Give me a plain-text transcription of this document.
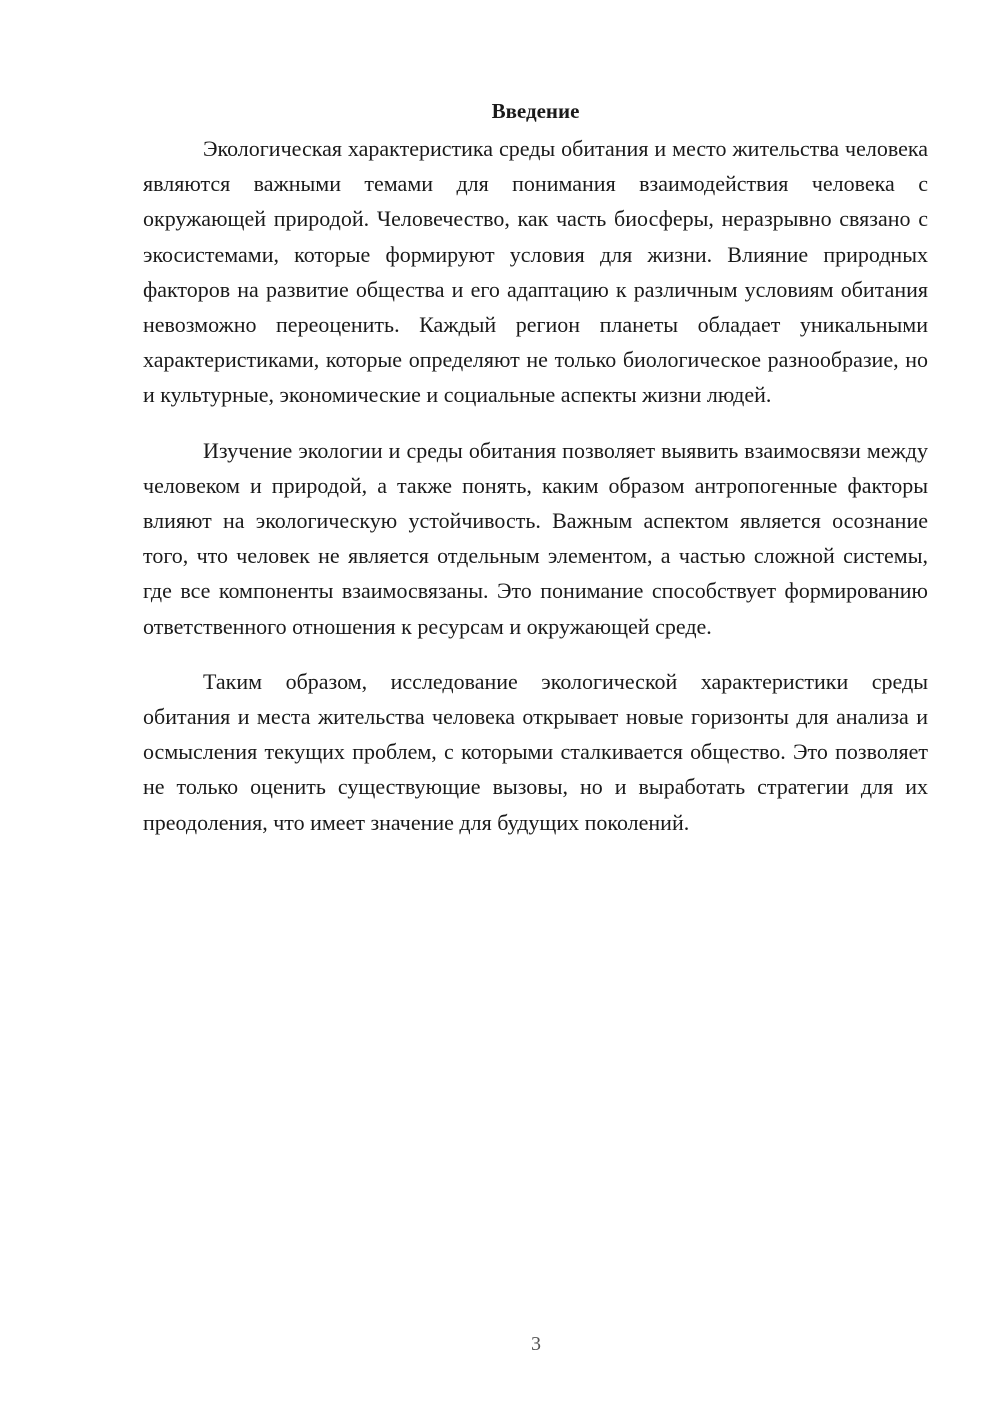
Введение

Экологическая характеристика среды обитания и место жительства человека являются важными темами для понимания взаимодействия человека с окружающей природой. Человечество, как часть биосферы, неразрывно связано с экосистемами, которые формируют условия для жизни. Влияние природных факторов на развитие общества и его адаптацию к различным условиям обитания невозможно переоценить. Каждый регион планеты обладает уникальными характеристиками, которые определяют не только биологическое разнообразие, но и культурные, экономические и социальные аспекты жизни людей.

Изучение экологии и среды обитания позволяет выявить взаимосвязи между человеком и природой, а также понять, каким образом антропогенные факторы влияют на экологическую устойчивость. Важным аспектом является осознание того, что человек не является отдельным элементом, а частью сложной системы, где все компоненты взаимосвязаны. Это понимание способствует формированию ответственного отношения к ресурсам и окружающей среде.

Таким образом, исследование экологической характеристики среды обитания и места жительства человека открывает новые горизонты для анализа и осмысления текущих проблем, с которыми сталкивается общество. Это позволяет не только оценить существующие вызовы, но и выработать стратегии для их преодоления, что имеет значение для будущих поколений.

3
